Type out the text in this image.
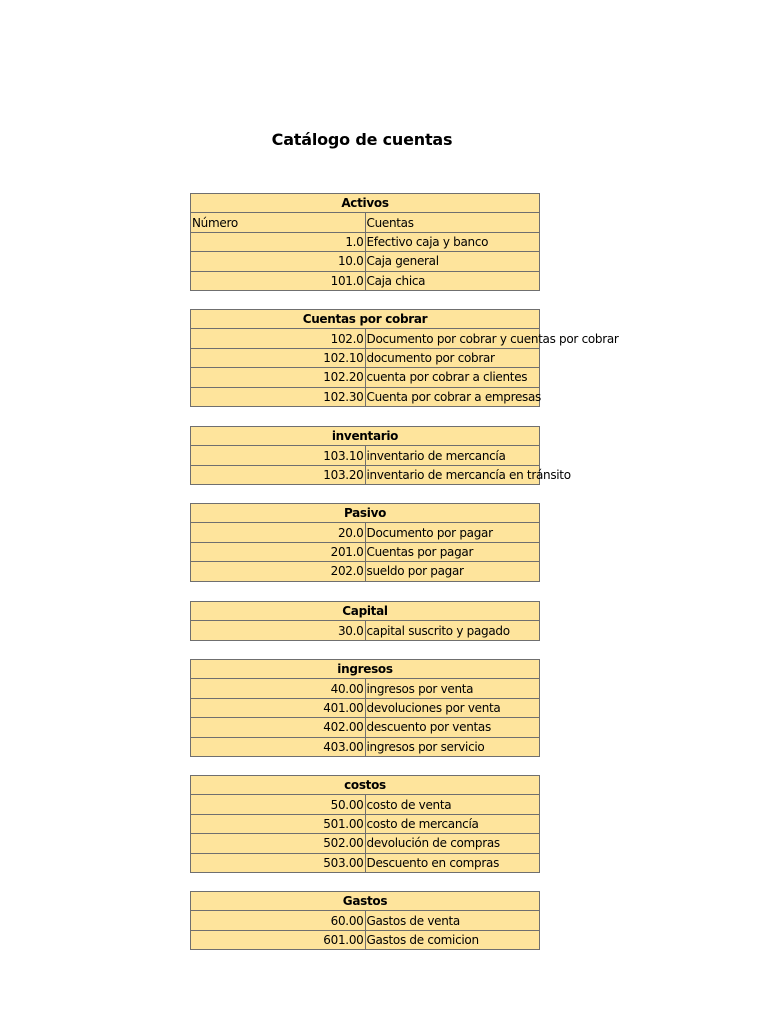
Catálogo de cuentas
Activos	
Número	Cuentas
1.0	Efectivo caja y banco
10.0	Caja general
101.0	Caja chica
Cuentas por cobrar	
102.0	Documento por cobrar y cuentas por cobrar
102.10	documento por cobrar
102.20	cuenta por cobrar a clientes
102.30	Cuenta por cobrar a empresas
inventario	
103.10	inventario de mercancía
103.20	inventario de mercancía en tránsito
Pasivo	
20.0	Documento por pagar
201.0	Cuentas por pagar
202.0	sueldo por pagar
Capital
30.0	capital suscrito y pagado
ingresos	
40.00	ingresos por venta
401.00	devoluciones por venta
402.00	descuento por ventas
403.00	ingresos por servicio
costos	
50.00	costo de venta
501.00	costo de mercancía
502.00	devolución de compras
503.00	Descuento en compras
Gastos	
60.00	Gastos de venta
601.00	Gastos de comicion
